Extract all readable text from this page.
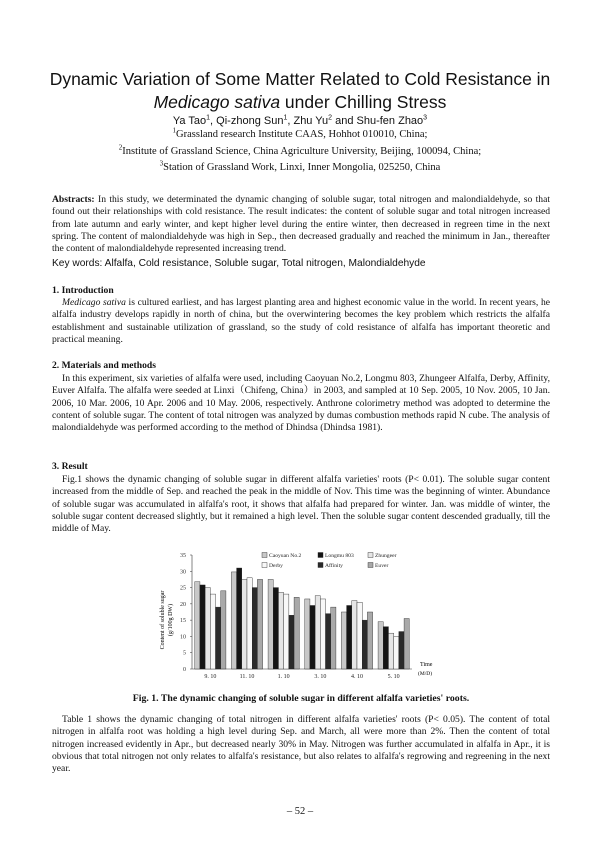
Dynamic Variation of Some Matter Related to Cold Resistance in
Medicago sativa under Chilling Stress
Ya Tao$^1$, Qi-zhong Sun$^1$, Zhu Yu$^2$ and Shu-fen Zhao$^3$
$^1$Grassland research Institute CAAS, Hohhot 010010, China;
$^2$Institute of Grassland Science, China Agriculture University, Beijing, 100094, China;
$^3$Station of Grassland Work, Linxi, Inner Mongolia, 025250, China
Abstracts: In this study, we determinated the dynamic changing of soluble sugar, total nitrogen and malondialdehyde, so that found out their relationships with cold resistance. The result indicates: the content of soluble sugar and total nitrogen increased from late autumn and early winter, and kept higher level during the entire winter, then decreased in regreen time in the next spring. The content of malondialdehyde was high in Sep., then decreased gradually and reached the minimum in Jan., thereafter the content of malondialdehyde represented increasing trend.
Key words: Alfalfa, Cold resistance, Soluble sugar, Total nitrogen, Malondialdehyde
1. Introduction
Medicago sativa is cultured earliest, and has largest planting area and highest economic value in the world. In recent years, he alfalfa industry develops rapidly in north of china, but the overwintering becomes the key problem which restricts the alfalfa establishment and sustainable utilization of grassland, so the study of cold resistance of alfalfa has important theoretic and practical meaning.
2. Materials and methods
In this experiment, six varieties of alfalfa were used, including Caoyuan No.2, Longmu 803, Zhungeer Alfalfa, Derby, Affinity, Euver Alfalfa. The alfalfa were seeded at Linxi（Chifeng, China）in 2003, and sampled at 10 Sep. 2005, 10 Nov. 2005, 10 Jan. 2006, 10 Mar. 2006, 10 Apr. 2006 and 10 May. 2006, respectively. Anthrone colorimetry method was adopted to determine the content of soluble sugar. The content of total nitrogen was analyzed by dumas combustion methods rapid N cube. The analysis of malondialdehyde was performed according to the method of Dhindsa (Dhindsa 1981).
3. Result
Fig.1 shows the dynamic changing of soluble sugar in different alfalfa varieties' roots (P< 0.01). The soluble sugar content increased from the middle of Sep. and reached the peak in the middle of Nov. This time was the beginning of winter. Abundance of soluble sugar was accumulated in alfalfa's root, it shows that alfalfa had prepared for winter. Jan. was middle of winter, the soluble sugar content decreased slightly, but it remained a high level. Then the soluble sugar content descended gradually, till the middle of May.
0
5
10
15
20
25
30
35
9. 10	11. 10	1. 10	3. 10	4. 10	5. 10
Caoyuan No.2	Longmu 803	Zhungeer
Derby	Affinity	Euver
Content of soluble sugar (g/100g DW)
Time
(M/D)
Fig. 1. The dynamic changing of soluble sugar in different alfalfa varieties' roots.
Table 1 shows the dynamic changing of total nitrogen in different alfalfa varieties' roots (P< 0.05). The content of total nitrogen in alfalfa root was holding a high level during Sep. and March, all were more than 2%. Then the content of total nitrogen increased evidently in Apr., but decreased nearly 30% in May. Nitrogen was further accumulated in alfalfa in Apr., it is obvious that total nitrogen not only relates to alfalfa's resistance, but also relates to alfalfa's regrowing and regreening in the next year.
– 52 –
